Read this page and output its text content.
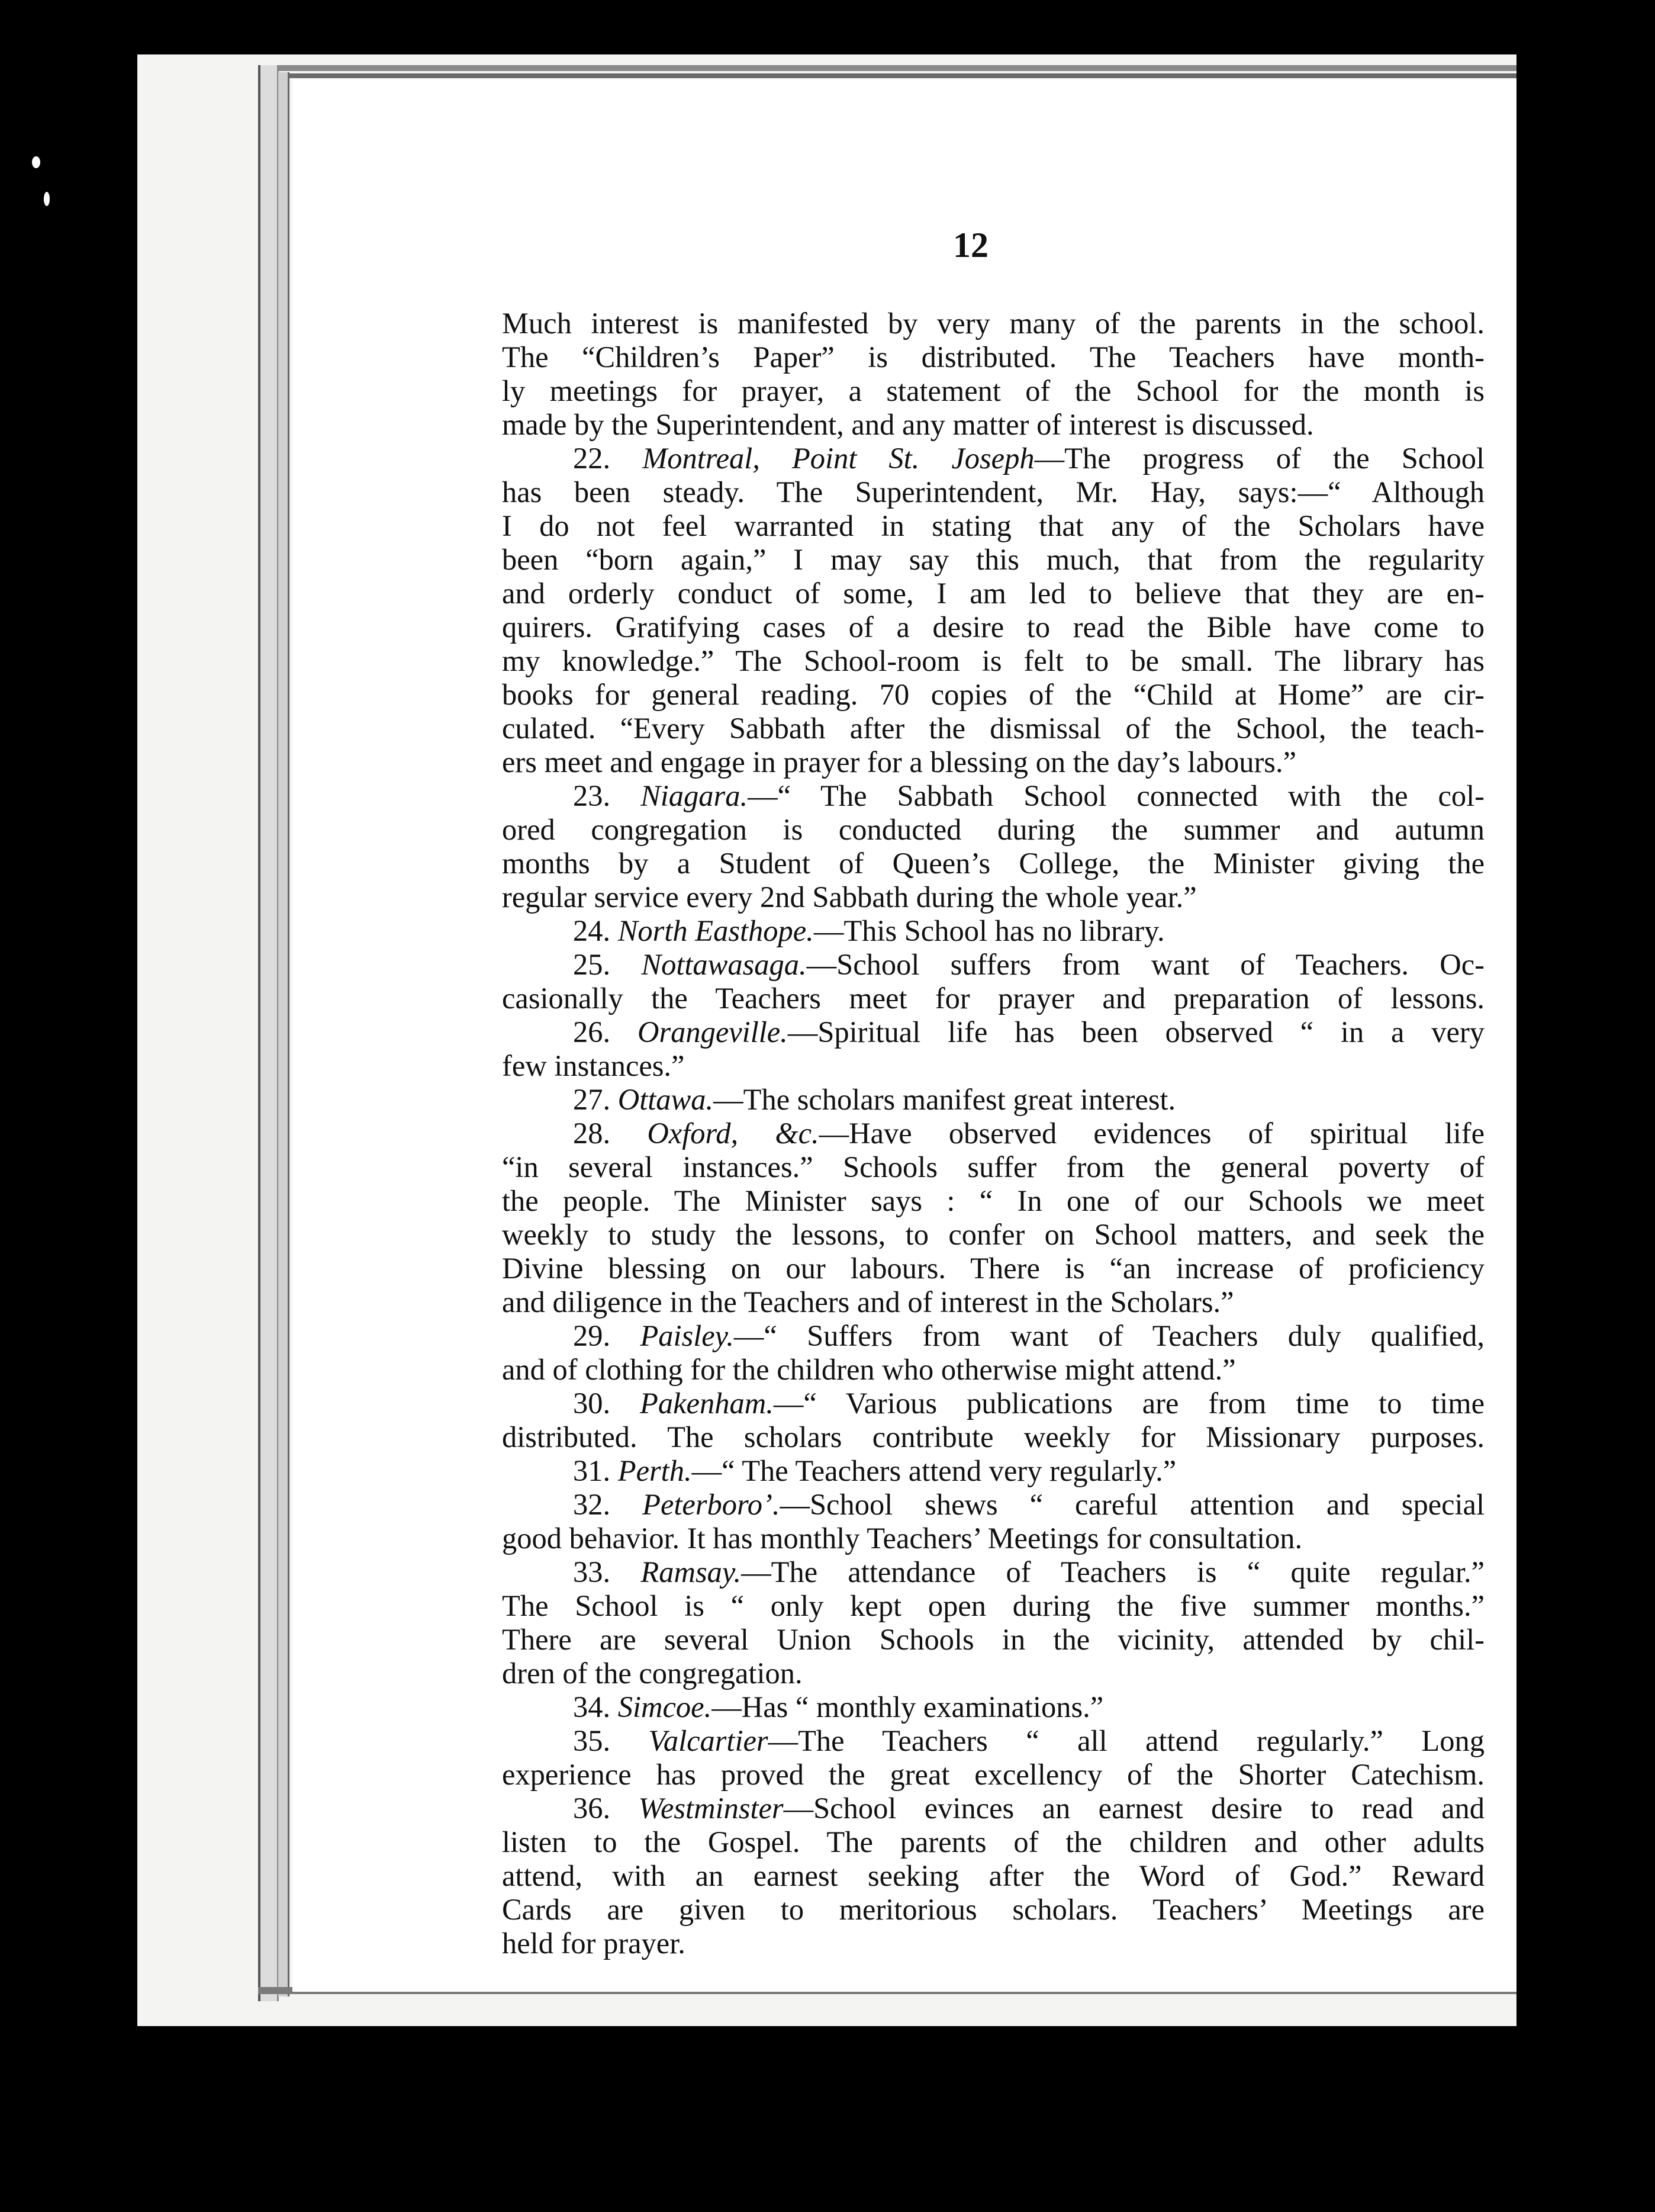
12
Much interest is manifested by very many of the parents in the school.
The “Children’s Paper” is distributed. The Teachers have month-
ly meetings for prayer, a statement of the School for the month is
made by the Superintendent, and any matter of interest is discussed.
22. Montreal, Point St. Joseph—The progress of the School
has been steady. The Superintendent, Mr. Hay, says:—“ Although
I do not feel warranted in stating that any of the Scholars have
been “born again,” I may say this much, that from the regularity
and orderly conduct of some, I am led to believe that they are en-
quirers. Gratifying cases of a desire to read the Bible have come to
my knowledge.” The School-room is felt to be small. The library has
books for general reading. 70 copies of the “Child at Home” are cir-
culated. “Every Sabbath after the dismissal of the School, the teach-
ers meet and engage in prayer for a blessing on the day’s labours.”
23. Niagara.—“ The Sabbath School connected with the col-
ored congregation is conducted during the summer and autumn
months by a Student of Queen’s College, the Minister giving the
regular service every 2nd Sabbath during the whole year.”
24. North Easthope.—This School has no library.
25. Nottawasaga.—School suffers from want of Teachers. Oc-
casionally the Teachers meet for prayer and preparation of lessons.
26. Orangeville.—Spiritual life has been observed “ in a very
few instances.”
27. Ottawa.—The scholars manifest great interest.
28. Oxford, &c.—Have observed evidences of spiritual life
“in several instances.” Schools suffer from the general poverty of
the people. The Minister says : “ In one of our Schools we meet
weekly to study the lessons, to confer on School matters, and seek the
Divine blessing on our labours. There is “an increase of proficiency
and diligence in the Teachers and of interest in the Scholars.”
29. Paisley.—“ Suffers from want of Teachers duly qualified,
and of clothing for the children who otherwise might attend.”
30. Pakenham.—“ Various publications are from time to time
distributed. The scholars contribute weekly for Missionary purposes.
31. Perth.—“ The Teachers attend very regularly.”
32. Peterboro’.—School shews “ careful attention and special
good behavior. It has monthly Teachers’ Meetings for consultation.
33. Ramsay.—The attendance of Teachers is “ quite regular.”
The School is “ only kept open during the five summer months.”
There are several Union Schools in the vicinity, attended by chil-
dren of the congregation.
34. Simcoe.—Has “ monthly examinations.”
35. Valcartier—The Teachers “ all attend regularly.” Long
experience has proved the great excellency of the Shorter Catechism.
36. Westminster—School evinces an earnest desire to read and
listen to the Gospel. The parents of the children and other adults
attend, with an earnest seeking after the Word of God.” Reward
Cards are given to meritorious scholars. Teachers’ Meetings are
held for prayer.
